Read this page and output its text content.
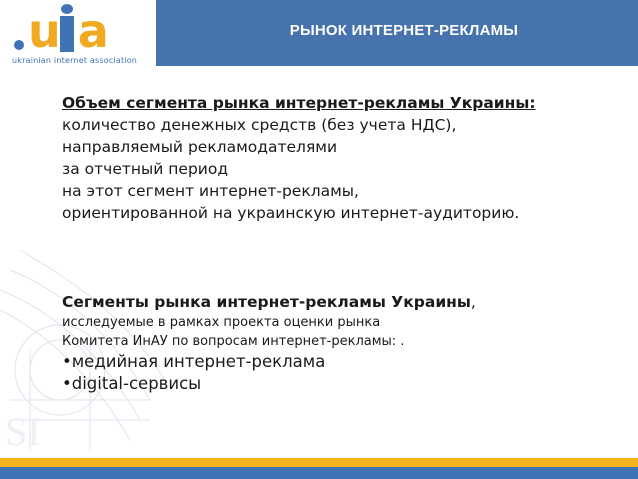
SI
u a
ukrainian internet association
РЫНОК ИНТЕРНЕТ-РЕКЛАМЫ
Объем сегмента рынка интернет-рекламы Украины:
количество денежных средств (без учета НДС),
направляемый рекламодателями
за отчетный период
на этот сегмент интернет-рекламы,
ориентированной на украинскую интернет-аудиторию.
Сегменты рынка интернет-рекламы Украины,
исследуемые в рамках проекта оценки рынка
Комитета ИнАУ по вопросам интернет-рекламы: .
•медийная интернет-реклама
•digital-сервисы
